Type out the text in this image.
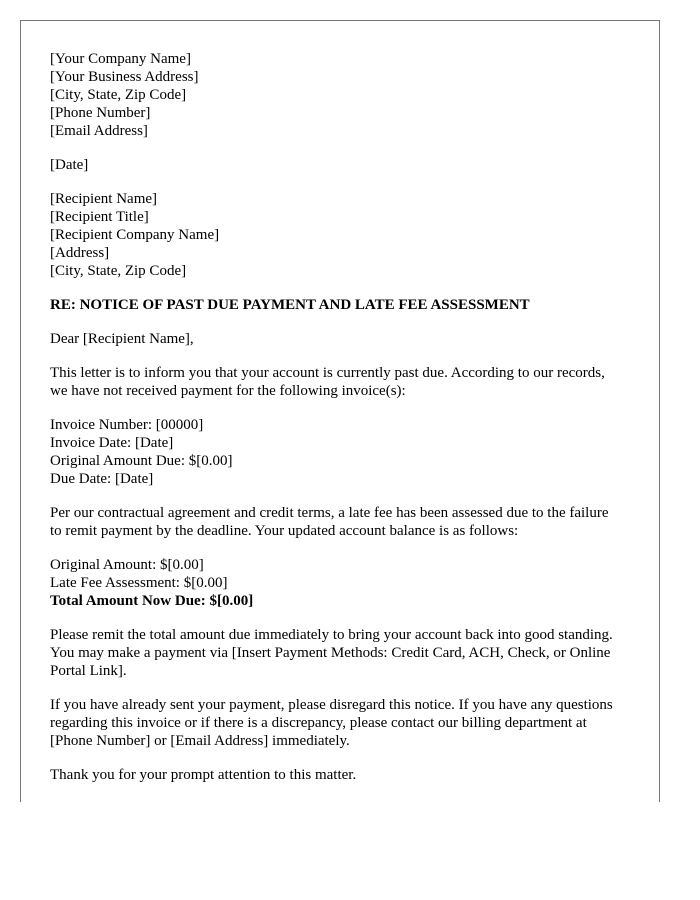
[Your Company Name]
[Your Business Address]
[City, State, Zip Code]
[Phone Number]
[Email Address]
[Date]
[Recipient Name]
[Recipient Title]
[Recipient Company Name]
[Address]
[City, State, Zip Code]
RE: NOTICE OF PAST DUE PAYMENT AND LATE FEE ASSESSMENT
Dear [Recipient Name],
This letter is to inform you that your account is currently past due. According to our records, we have not received payment for the following invoice(s):
Invoice Number: [00000]
Invoice Date: [Date]
Original Amount Due: $[0.00]
Due Date: [Date]
Per our contractual agreement and credit terms, a late fee has been assessed due to the failure to remit payment by the deadline. Your updated account balance is as follows:
Original Amount: $[0.00]
Late Fee Assessment: $[0.00]
Total Amount Now Due: $[0.00]
Please remit the total amount due immediately to bring your account back into good standing. You may make a payment via [Insert Payment Methods: Credit Card, ACH, Check, or Online Portal Link].
If you have already sent your payment, please disregard this notice. If you have any questions regarding this invoice or if there is a discrepancy, please contact our billing department at [Phone Number] or [Email Address] immediately.
Thank you for your prompt attention to this matter.
